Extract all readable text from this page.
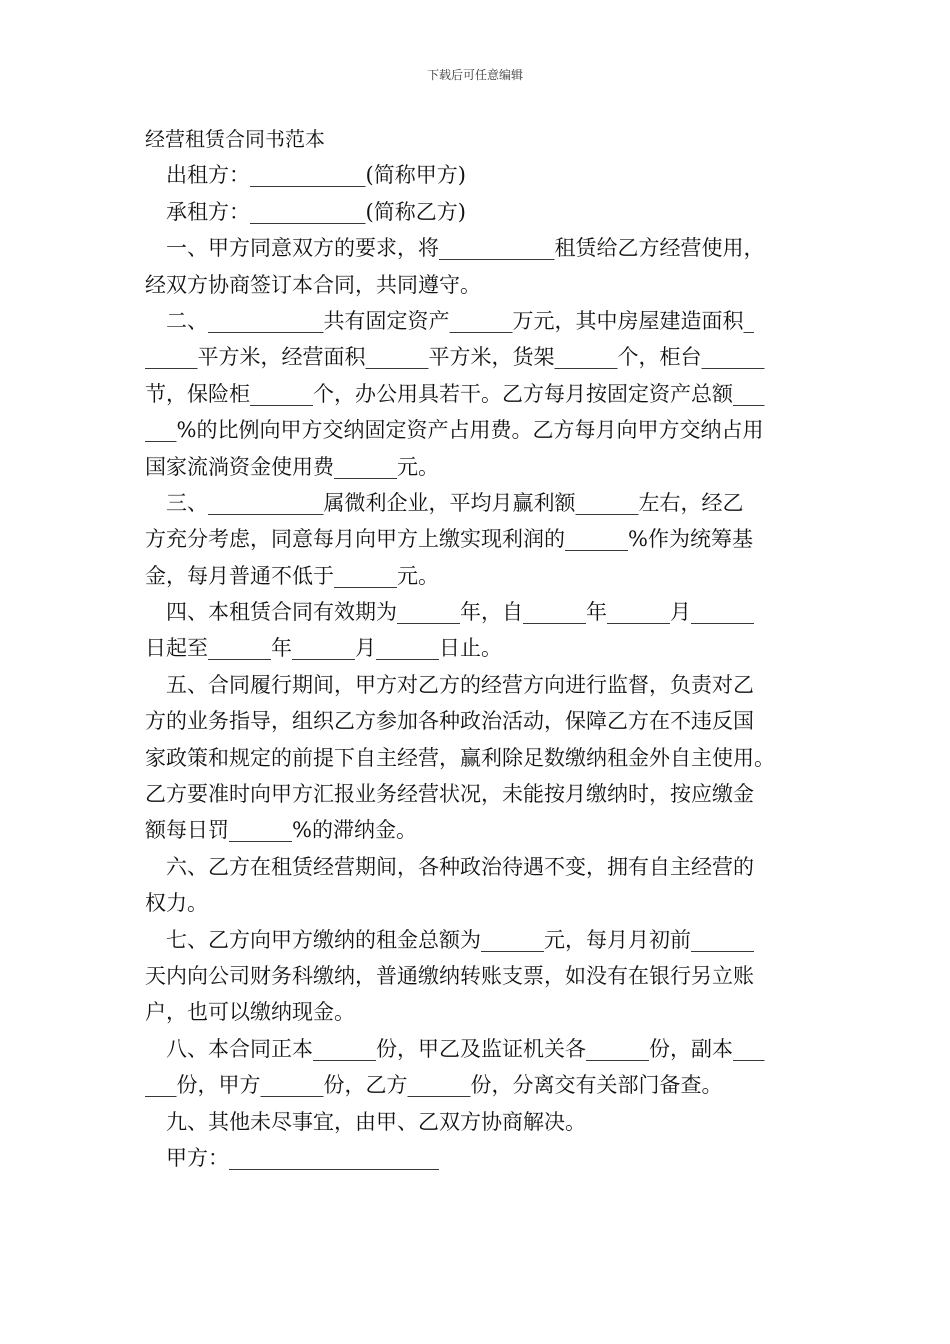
下载后可任意编辑
经营租赁合同书范本
出租方：___________(简称甲方)
承租方：___________(简称乙方)
一、甲方同意双方的要求，将___________租赁给乙方经营使用，
经双方协商签订本合同，共同遵守。
二、___________共有固定资产______万元，其中房屋建造面积_
_____平方米，经营面积______平方米，货架______个，柜台______
节，保险柜______个，办公用具若干。乙方每月按固定资产总额___
___%的比例向甲方交纳固定资产占用费。乙方每月向甲方交纳占用
国家流淌资金使用费______元。
三、___________属微利企业，平均月赢利额______左右，经乙
方充分考虑，同意每月向甲方上缴实现利润的______%作为统筹基
金，每月普通不低于______元。
四、本租赁合同有效期为______年，自______年______月______
日起至______年______月______日止。
五、合同履行期间，甲方对乙方的经营方向进行监督，负责对乙
方的业务指导，组织乙方参加各种政治活动，保障乙方在不违反国
家政策和规定的前提下自主经营，赢利除足数缴纳租金外自主使用。
乙方要准时向甲方汇报业务经营状况，未能按月缴纳时，按应缴金
额每日罚______%的滞纳金。
六、乙方在租赁经营期间，各种政治待遇不变，拥有自主经营的
权力。
七、乙方向甲方缴纳的租金总额为______元，每月月初前______
天内向公司财务科缴纳，普通缴纳转账支票，如没有在银行另立账
户，也可以缴纳现金。
八、本合同正本______份，甲乙及监证机关各______份，副本___
___份，甲方______份，乙方______份，分离交有关部门备查。
九、其他未尽事宜，由甲、乙双方协商解决。
甲方：____________________
